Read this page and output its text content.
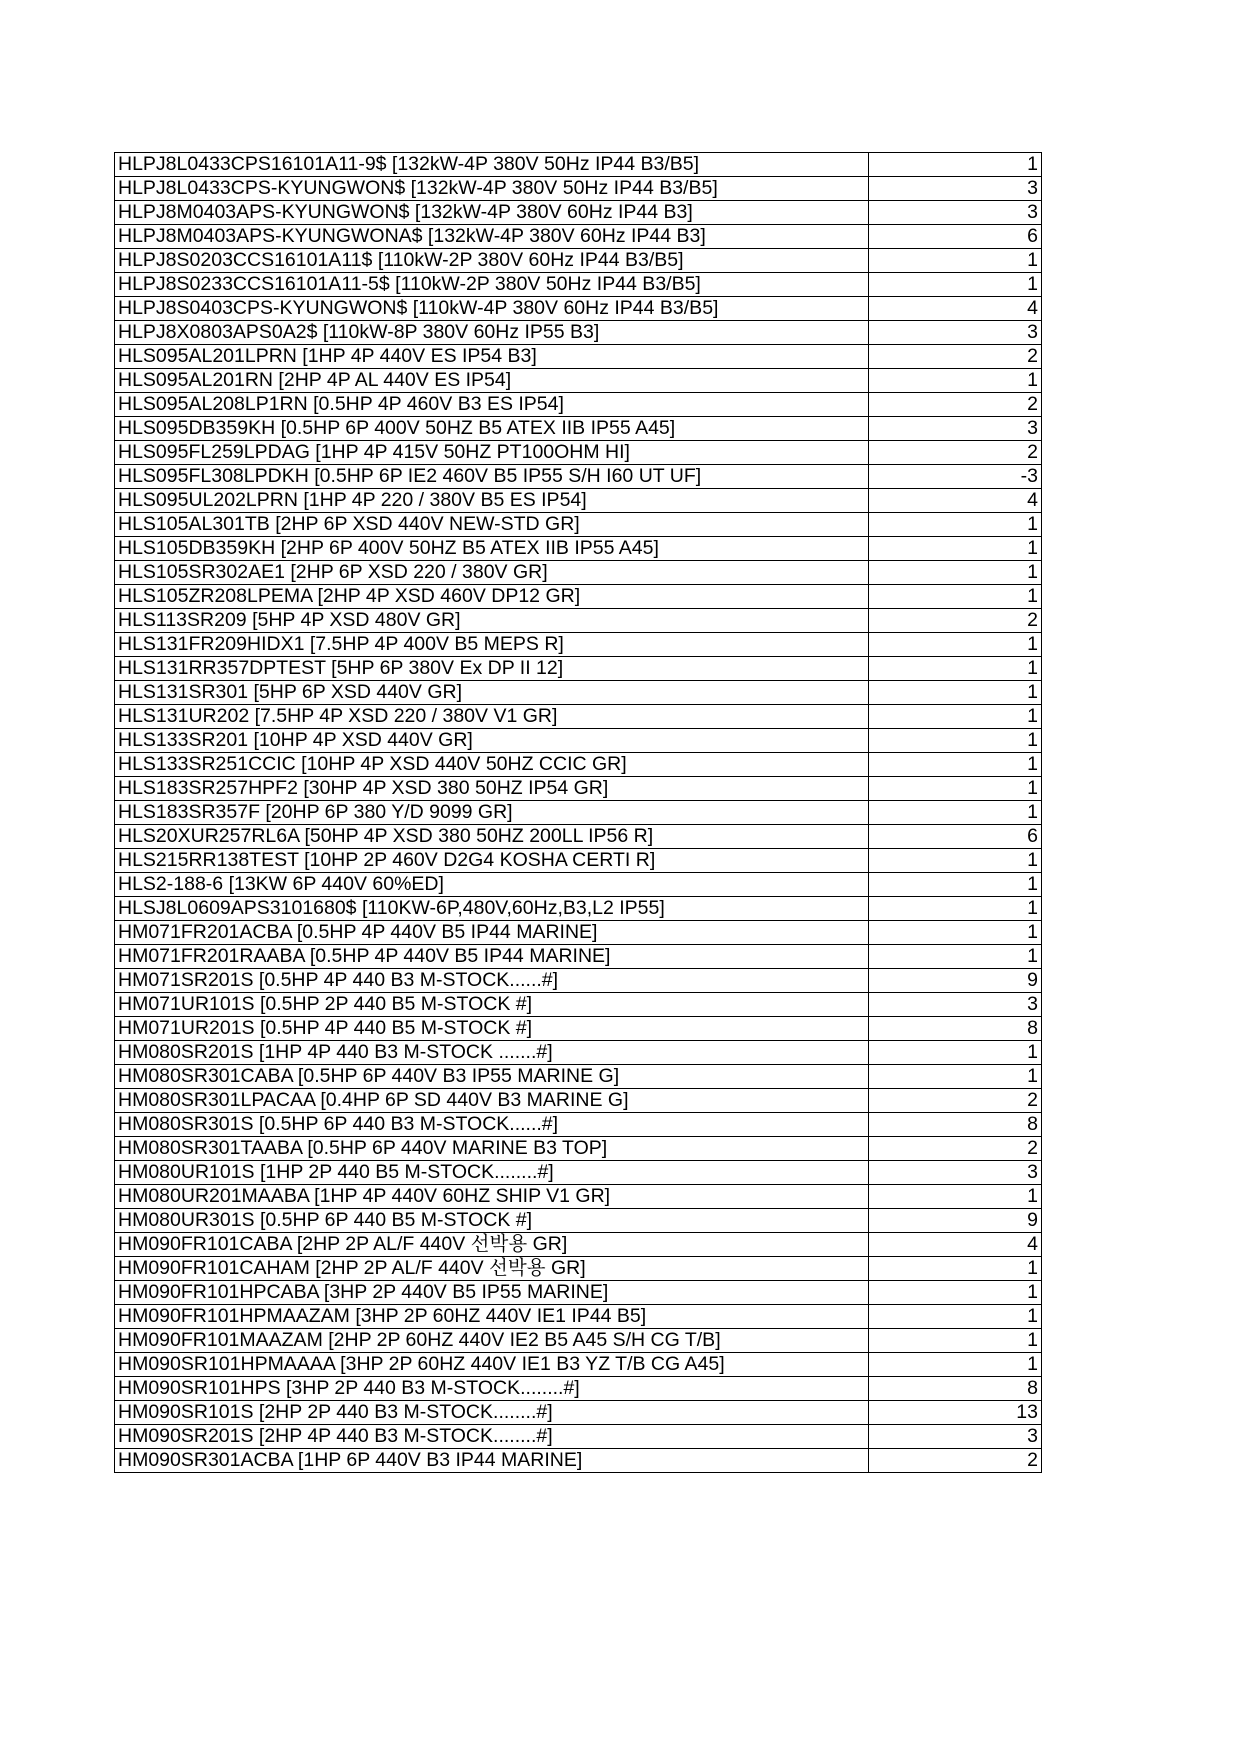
HLPJ8L0433CPS16101A11-9$ [132kW-4P 380V 50Hz IP44 B3/B5]	1
HLPJ8L0433CPS-KYUNGWON$ [132kW-4P 380V 50Hz IP44 B3/B5]	3
HLPJ8M0403APS-KYUNGWON$ [132kW-4P 380V 60Hz IP44 B3]	3
HLPJ8M0403APS-KYUNGWONA$ [132kW-4P 380V 60Hz IP44 B3]	6
HLPJ8S0203CCS16101A11$ [110kW-2P 380V 60Hz IP44 B3/B5]	1
HLPJ8S0233CCS16101A11-5$ [110kW-2P 380V 50Hz IP44 B3/B5]	1
HLPJ8S0403CPS-KYUNGWON$ [110kW-4P 380V 60Hz IP44 B3/B5]	4
HLPJ8X0803APS0A2$ [110kW-8P 380V 60Hz IP55 B3]	3
HLS095AL201LPRN [1HP 4P 440V ES IP54 B3]	2
HLS095AL201RN [2HP 4P AL 440V ES IP54]	1
HLS095AL208LP1RN [0.5HP 4P 460V B3 ES IP54]	2
HLS095DB359KH [0.5HP 6P 400V 50HZ B5 ATEX IIB IP55 A45]	3
HLS095FL259LPDAG [1HP 4P 415V 50HZ PT100OHM HI]	2
HLS095FL308LPDKH [0.5HP 6P IE2 460V B5 IP55 S/H I60 UT UF]	-3
HLS095UL202LPRN [1HP 4P 220 / 380V B5 ES IP54]	4
HLS105AL301TB [2HP 6P XSD 440V NEW-STD GR]	1
HLS105DB359KH [2HP 6P 400V 50HZ B5 ATEX IIB IP55 A45]	1
HLS105SR302AE1 [2HP 6P XSD 220 / 380V GR]	1
HLS105ZR208LPEMA [2HP 4P XSD 460V DP12 GR]	1
HLS113SR209 [5HP 4P XSD 480V GR]	2
HLS131FR209HIDX1 [7.5HP 4P 400V B5 MEPS R]	1
HLS131RR357DPTEST [5HP 6P 380V Ex DP II 12]	1
HLS131SR301 [5HP 6P XSD 440V GR]	1
HLS131UR202 [7.5HP 4P XSD 220 / 380V V1 GR]	1
HLS133SR201 [10HP 4P XSD 440V GR]	1
HLS133SR251CCIC [10HP 4P XSD 440V 50HZ CCIC GR]	1
HLS183SR257HPF2 [30HP 4P XSD 380 50HZ IP54 GR]	1
HLS183SR357F [20HP 6P 380 Y/D 9099 GR]	1
HLS20XUR257RL6A [50HP 4P XSD 380 50HZ 200LL IP56 R]	6
HLS215RR138TEST [10HP 2P 460V D2G4 KOSHA CERTI R]	1
HLS2-188-6 [13KW 6P 440V 60%ED]	1
HLSJ8L0609APS3101680$ [110KW-6P,480V,60Hz,B3,L2 IP55]	1
HM071FR201ACBA [0.5HP 4P 440V B5 IP44 MARINE]	1
HM071FR201RAABA [0.5HP 4P 440V B5 IP44 MARINE]	1
HM071SR201S [0.5HP 4P 440 B3 M-STOCK......#]	9
HM071UR101S [0.5HP 2P 440 B5 M-STOCK #]	3
HM071UR201S [0.5HP 4P 440 B5 M-STOCK #]	8
HM080SR201S [1HP 4P 440 B3 M-STOCK .......#]	1
HM080SR301CABA [0.5HP 6P 440V B3 IP55 MARINE G]	1
HM080SR301LPACAA [0.4HP 6P SD 440V B3 MARINE G]	2
HM080SR301S [0.5HP 6P 440 B3 M-STOCK......#]	8
HM080SR301TAABA [0.5HP 6P 440V MARINE B3 TOP]	2
HM080UR101S [1HP 2P 440 B5 M-STOCK........#]	3
HM080UR201MAABA [1HP 4P 440V 60HZ SHIP V1 GR]	1
HM080UR301S [0.5HP 6P 440 B5 M-STOCK #]	9
HM090FR101CABA [2HP 2P AL/F 440V 선박용 GR]	4
HM090FR101CAHAM [2HP 2P AL/F 440V 선박용 GR]	1
HM090FR101HPCABA [3HP 2P 440V B5 IP55 MARINE]	1
HM090FR101HPMAAZAM [3HP 2P 60HZ 440V IE1 IP44 B5]	1
HM090FR101MAAZAM [2HP 2P 60HZ 440V IE2 B5 A45 S/H CG T/B]	1
HM090SR101HPMAAAA [3HP 2P 60HZ 440V IE1 B3 YZ T/B CG A45]	1
HM090SR101HPS [3HP 2P 440 B3 M-STOCK........#]	8
HM090SR101S [2HP 2P 440 B3 M-STOCK........#]	13
HM090SR201S [2HP 4P 440 B3 M-STOCK........#]	3
HM090SR301ACBA [1HP 6P 440V B3 IP44 MARINE]	2
